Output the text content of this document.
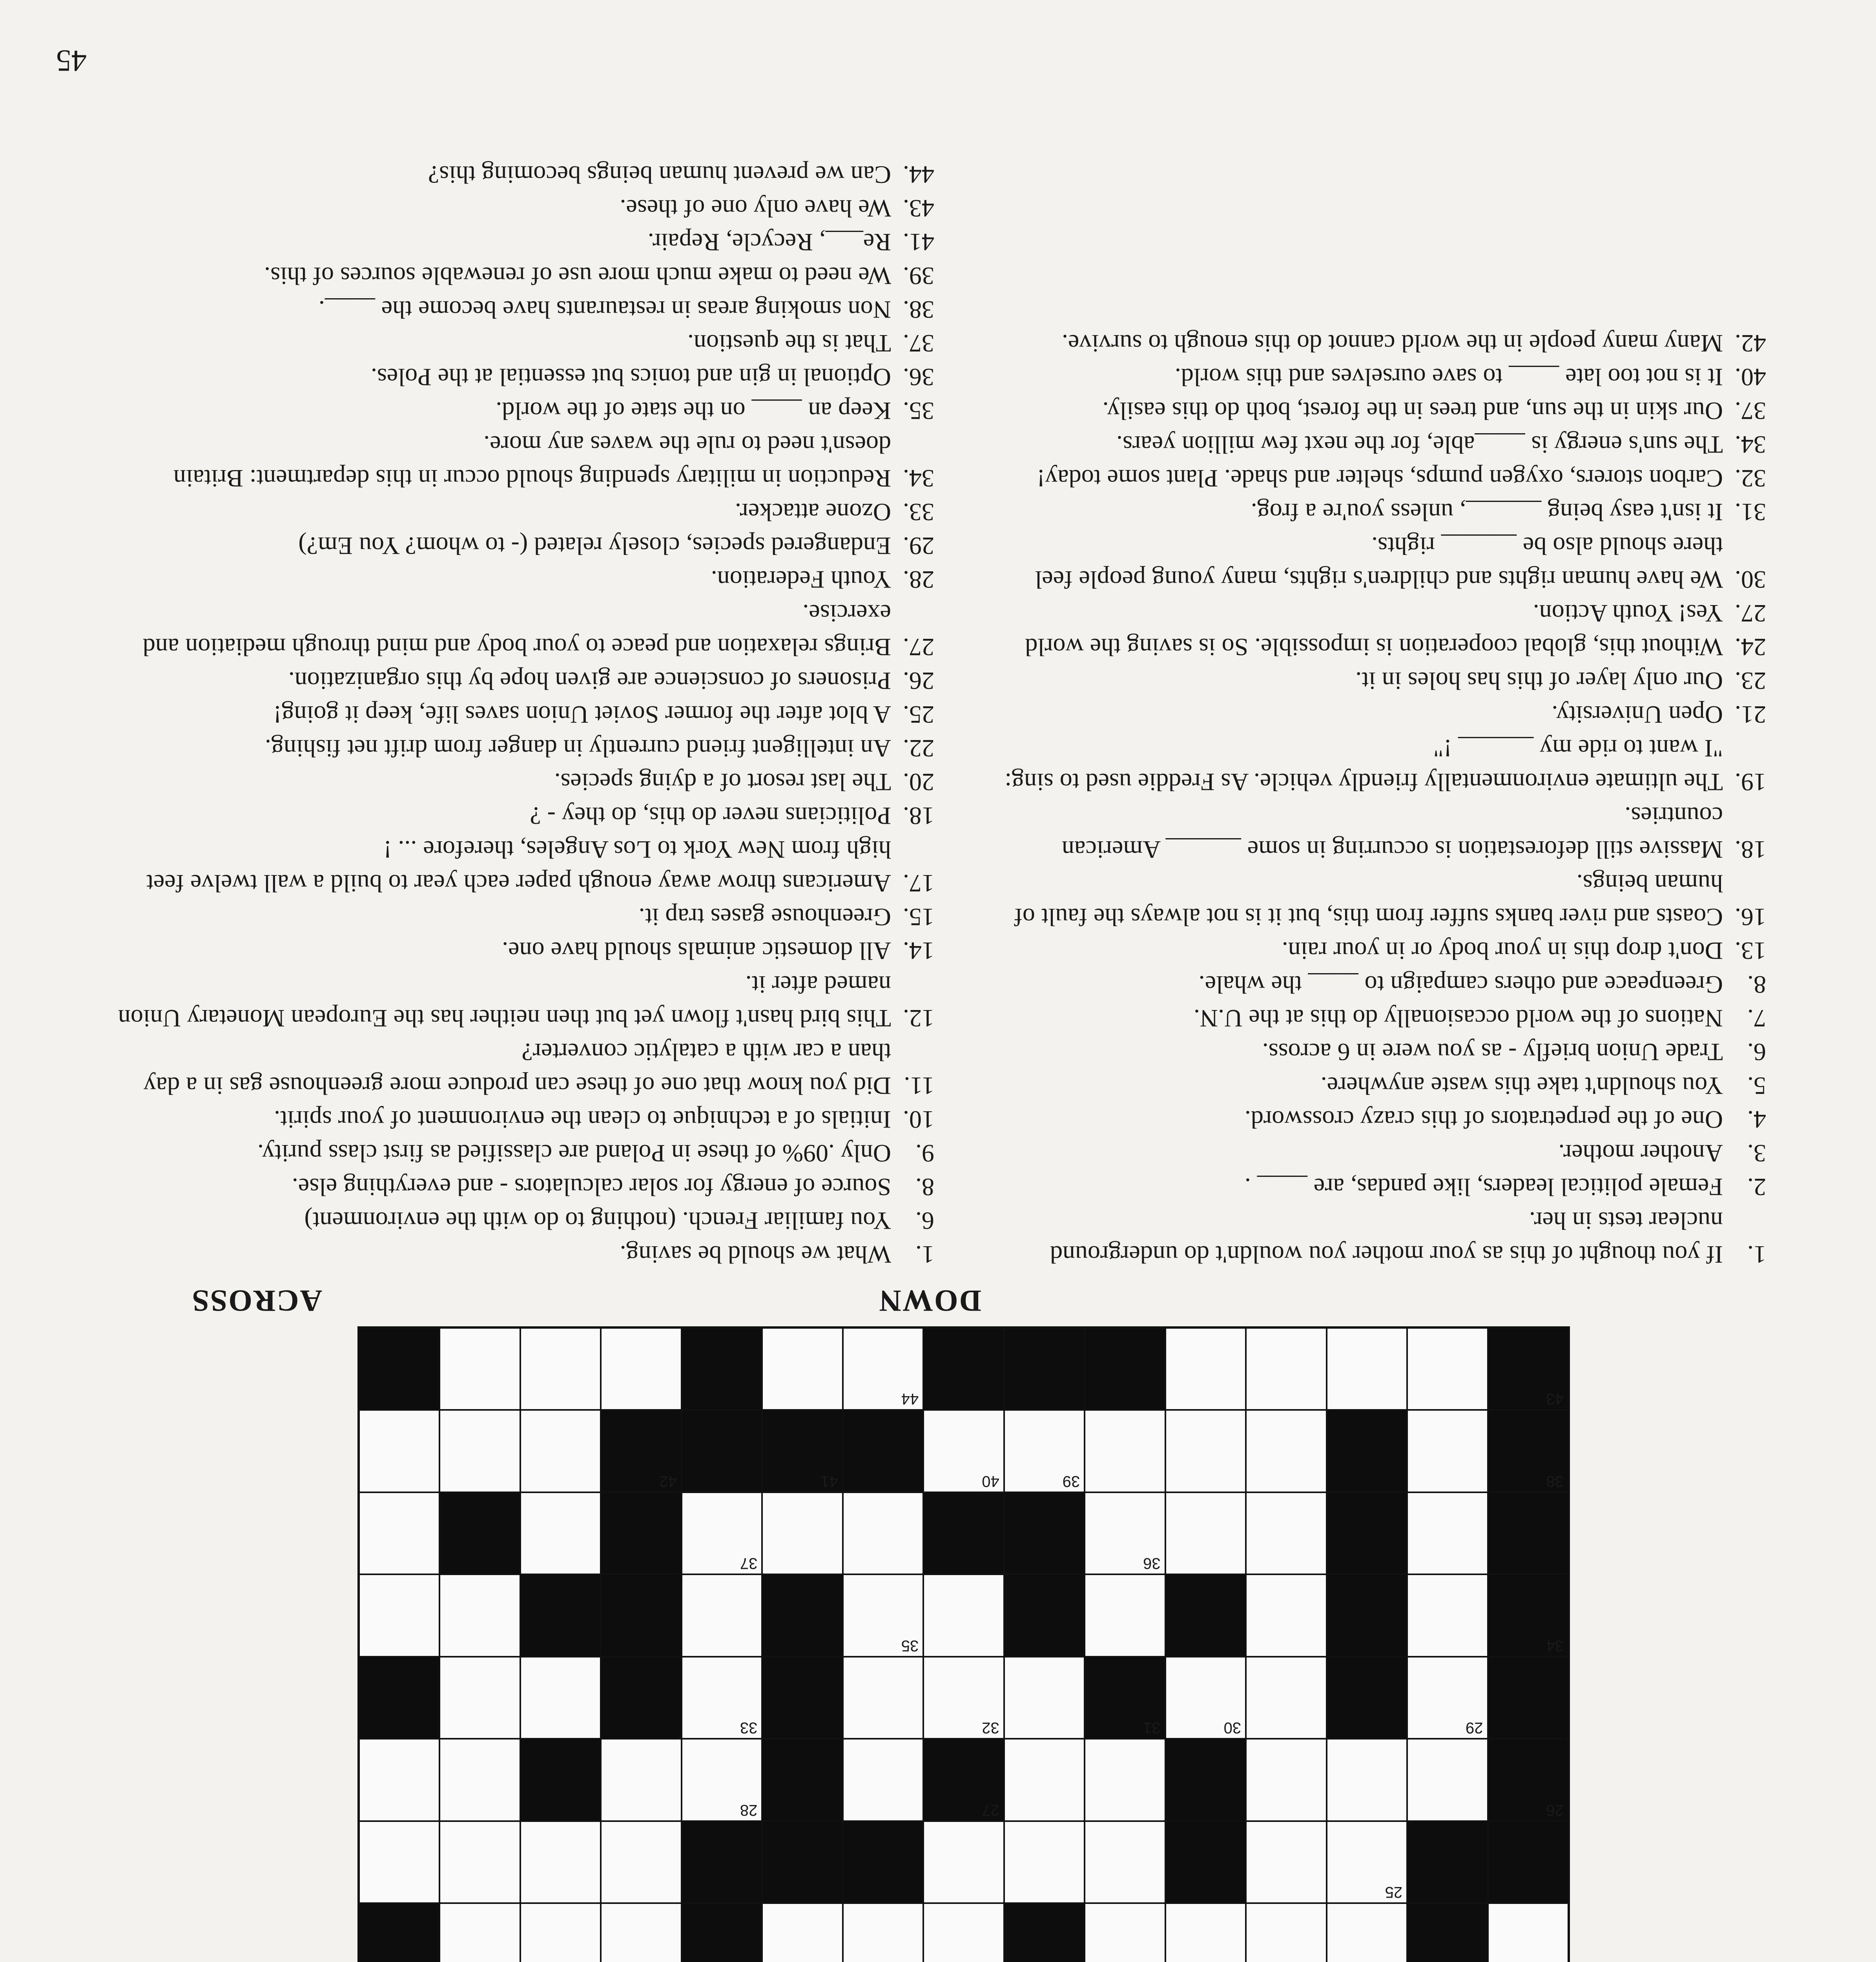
25
26
27
28
29
30
31
32
33
34
35
36
37
38
39
40
41
42
43
44
ACROSS	DOWN
1.
What we should be saving.
6.
You familiar French. (nothing to do with the environment)
8.
Source of energy for solar calculators - and everything else.
9.
Only .09% of these in Poland are classified as first class purity.
10.
Initials of a technique to clean the environment of your spirit.
11.
Did you know that one of these can produce more greenhouse gas in a day than a car with a catalytic converter?
12.
This bird hasn't flown yet but then neither has the European Monetary Union named after it.
14.
All domestic animals should have one.
15.
Greenhouse gases trap it.
17.
Americans throw away enough paper each year to build a wall twelve feet high from New York to Los Angeles, therefore ... !
18.
Politicians never do this, do they - ?
20.
The last resort of a dying species.
22.
An intelligent friend currently in danger from drift net fishing.
25.
A blot after the former Soviet Union saves life, keep it going!
26.
Prisoners of conscience are given hope by this organization.
27.
Brings relaxation and peace to your body and mind through mediation and exercise.
28.
Youth Federation.
29.
Endangered species, closely related (- to whom? You Em?)
33.
Ozone attacker.
34.
Reduction in military spending should occur in this department: Britain doesn't need to rule the waves any more.
35.
Keep an ____ on the state of the world.
36.
Optional in gin and tonics but essential at the Poles.
37.
That is the question.
38.
Non smoking areas in restaurants have become the ____.
39.
We need to make much more use of renewable sources of this.
41.
Re___, Recycle, Repair.
43.
We have only one of these.
44.
Can we prevent human beings becoming this?
1.
If you thought of this as your mother you wouldn't do underground nuclear tests in her.
2.
Female political leaders, like pandas, are ____ .
3.
Another mother.
4.
One of the perpetrators of this crazy crossword.
5.
You shouldn't take this waste anywhere.
6.
Trade Union briefly - as you were in 6 across.
7.
Nations of the world occasionally do this at the U.N.
8.
Greenpeace and others campaign to ____ the whale.
13.
Don't drop this in your body or in your rain.
16.
Coasts and river banks suffer from this, but it is not always the fault of human beings.
18.
Massive still deforestation is occurring in some ______ American countries.
19.
The ultimate environmentally friendly vehicle. As Freddie used to sing: "I want to ride my ______ !"
21.
Open University.
23.
Our only layer of this has holes in it.
24.
Without this, global cooperation is impossible. So is saving the world
27.
Yes! Youth Action.
30.
We have human rights and children's rights, many young people feel there should also be ______ rights.
31.
It isn't easy being ______, unless you're a frog.
32.
Carbon storers, oxygen pumps, shelter and shade. Plant some today!
34.
The sun's energy is ____able, for the next few million years.
37.
Our skin in the sun, and trees in the forest, both do this easily.
40.
It is not too late ____ to save ourselves and this world.
42.
Many many people in the world cannot do this enough to survive.
45
